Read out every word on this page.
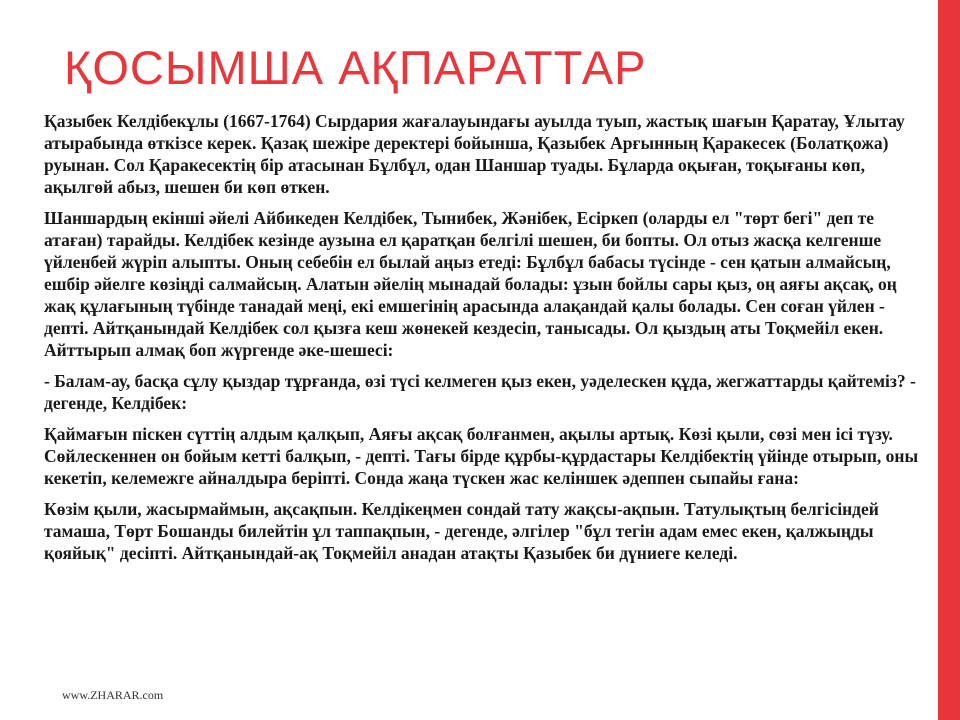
ҚОСЫМША АҚПАРАТТАР

Қазыбек Келдібекұлы (1667-1764) Сырдария жағалауындағы ауылда туып, жастық шағын Қаратау, Ұлытау атырабында өткізсе керек. Қазақ шежіре деректері бойынша, Қазыбек Арғынның Қаракесек (Болатқожа) руынан. Сол Қаракесектің бір атасынан Бұлбұл, одан Шаншар туады. Бұларда оқыған, тоқығаны көп, ақылгөй абыз, шешен би көп өткен.

Шаншардың екінші әйелі Айбикеден Келдібек, Тынибек, Жәнібек, Есіркеп (оларды ел "төрт бегі" деп те атаған) тарайды. Келдібек кезінде аузына ел қаратқан белгілі шешен, би бопты. Ол отыз жасқа келгенше үйленбей жүріп алыпты. Оның себебін ел былай аңыз етеді: Бұлбұл бабасы түсінде - сен қатын алмайсың, ешбір әйелге көзіңді салмайсың. Алатын әйелің мынадай болады: ұзын бойлы сары қыз, оң аяғы ақсақ, оң жақ құлағының түбінде танадай меңі, екі емшегінің арасында алақандай қалы болады. Сен соған үйлен - депті. Айтқанындай Келдібек сол қызға кеш жөнекей кездесіп, танысады. Ол қыздың аты Тоқмейіл екен. Айттырып алмақ боп жүргенде әке-шешесі:

- Балам-ау, басқа сұлу қыздар тұрғанда, өзі түсі келмеген қыз екен, уәделескен құда, жегжаттарды қайтеміз? - дегенде, Келдібек:

Қаймағын піскен сүттің алдым қалқып, Аяғы ақсақ болғанмен, ақылы артық. Көзі қыли, сөзі мен ісі түзу. Сөйлескеннен он бойым кетті балқып, - депті. Тағы бірде құрбы-құрдастары Келдібектің үйінде отырып, оны кекетіп, келемежге айналдыра беріпті. Сонда жаңа түскен жас келіншек әдеппен сыпайы ғана:

Көзім қыли, жасырмаймын, ақсақпын. Келдікеңмен сондай тату жақсы-ақпын. Татулықтың белгісіндей тамаша, Төрт Бошанды билейтін ұл таппақпын, - дегенде, әлгілер "бұл тегін адам емес екен, қалжыңды қояйық" десіпті. Айтқанындай-ақ Тоқмейіл анадан атақты Қазыбек би дүниеге келеді.

www.ZHARAR.com
